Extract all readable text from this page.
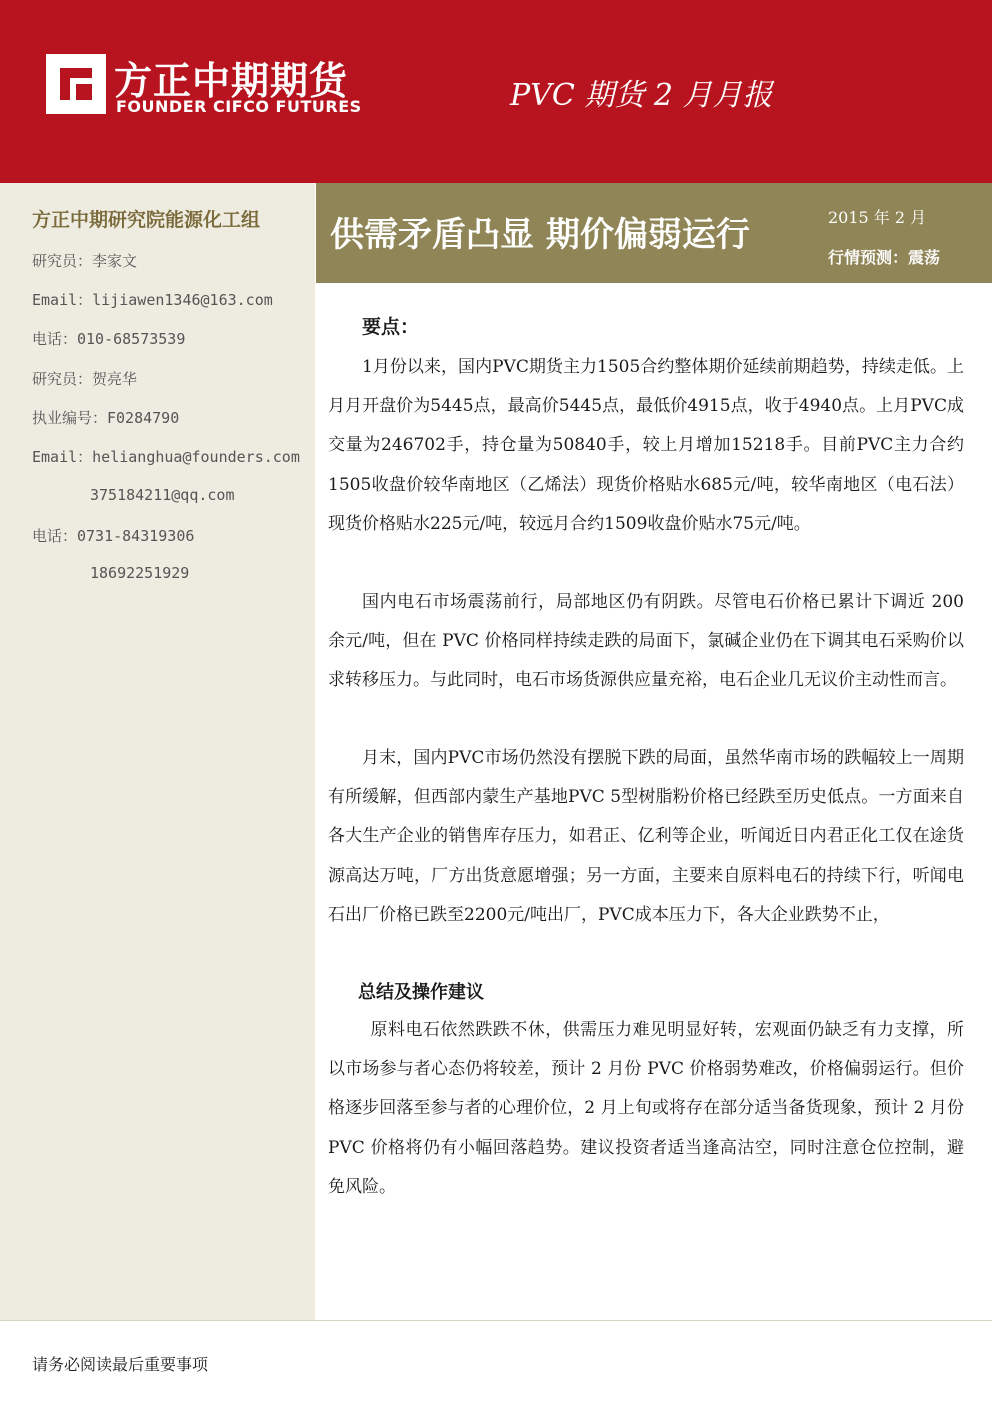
方正中期期货
FOUNDER CIFCO FUTURES	PVC 期货 2 月月报
方正中期研究院能源化工组
研究员：李家文
Email：lijiawen1346@163.com
电话：010-68573539
研究员：贺亮华
执业编号：F0284790
Email：helianghua@founders.com
375184211@qq.com
电话：0731-84319306
18692251929
供需矛盾凸显 期价偏弱运行	2015 年 2 月
行情预测：震荡
要点：

1月份以来，国内PVC期货主力1505合约整体期价延续前期趋势，持续走低。上月月开盘价为5445点，最高价5445点，最低价4915点，收于4940点。上月PVC成交量为246702手，持仓量为50840手，较上月增加15218手。目前PVC主力合约1505收盘价较华南地区（乙烯法）现货价格贴水685元/吨，较华南地区（电石法）现货价格贴水225元/吨，较远月合约1509收盘价贴水75元/吨。

国内电石市场震荡前行，局部地区仍有阴跌。尽管电石价格已累计下调近 200 余元/吨，但在 PVC 价格同样持续走跌的局面下，氯碱企业仍在下调其电石采购价以求转移压力。与此同时，电石市场货源供应量充裕，电石企业几无议价主动性而言。

月末，国内PVC市场仍然没有摆脱下跌的局面，虽然华南市场的跌幅较上一周期有所缓解，但西部内蒙生产基地PVC 5型树脂粉价格已经跌至历史低点。一方面来自各大生产企业的销售库存压力，如君正、亿利等企业，听闻近日内君正化工仅在途货源高达万吨，厂方出货意愿增强；另一方面，主要来自原料电石的持续下行，听闻电石出厂价格已跌至2200元/吨出厂，PVC成本压力下，各大企业跌势不止，

总结及操作建议

原料电石依然跌跌不休，供需压力难见明显好转，宏观面仍缺乏有力支撑，所以市场参与者心态仍将较差，预计 2 月份 PVC 价格弱势难改，价格偏弱运行。但价格逐步回落至参与者的心理价位，2 月上旬或将存在部分适当备货现象，预计 2 月份 PVC 价格将仍有小幅回落趋势。建议投资者适当逢高沽空，同时注意仓位控制，避免风险。

请务必阅读最后重要事项
